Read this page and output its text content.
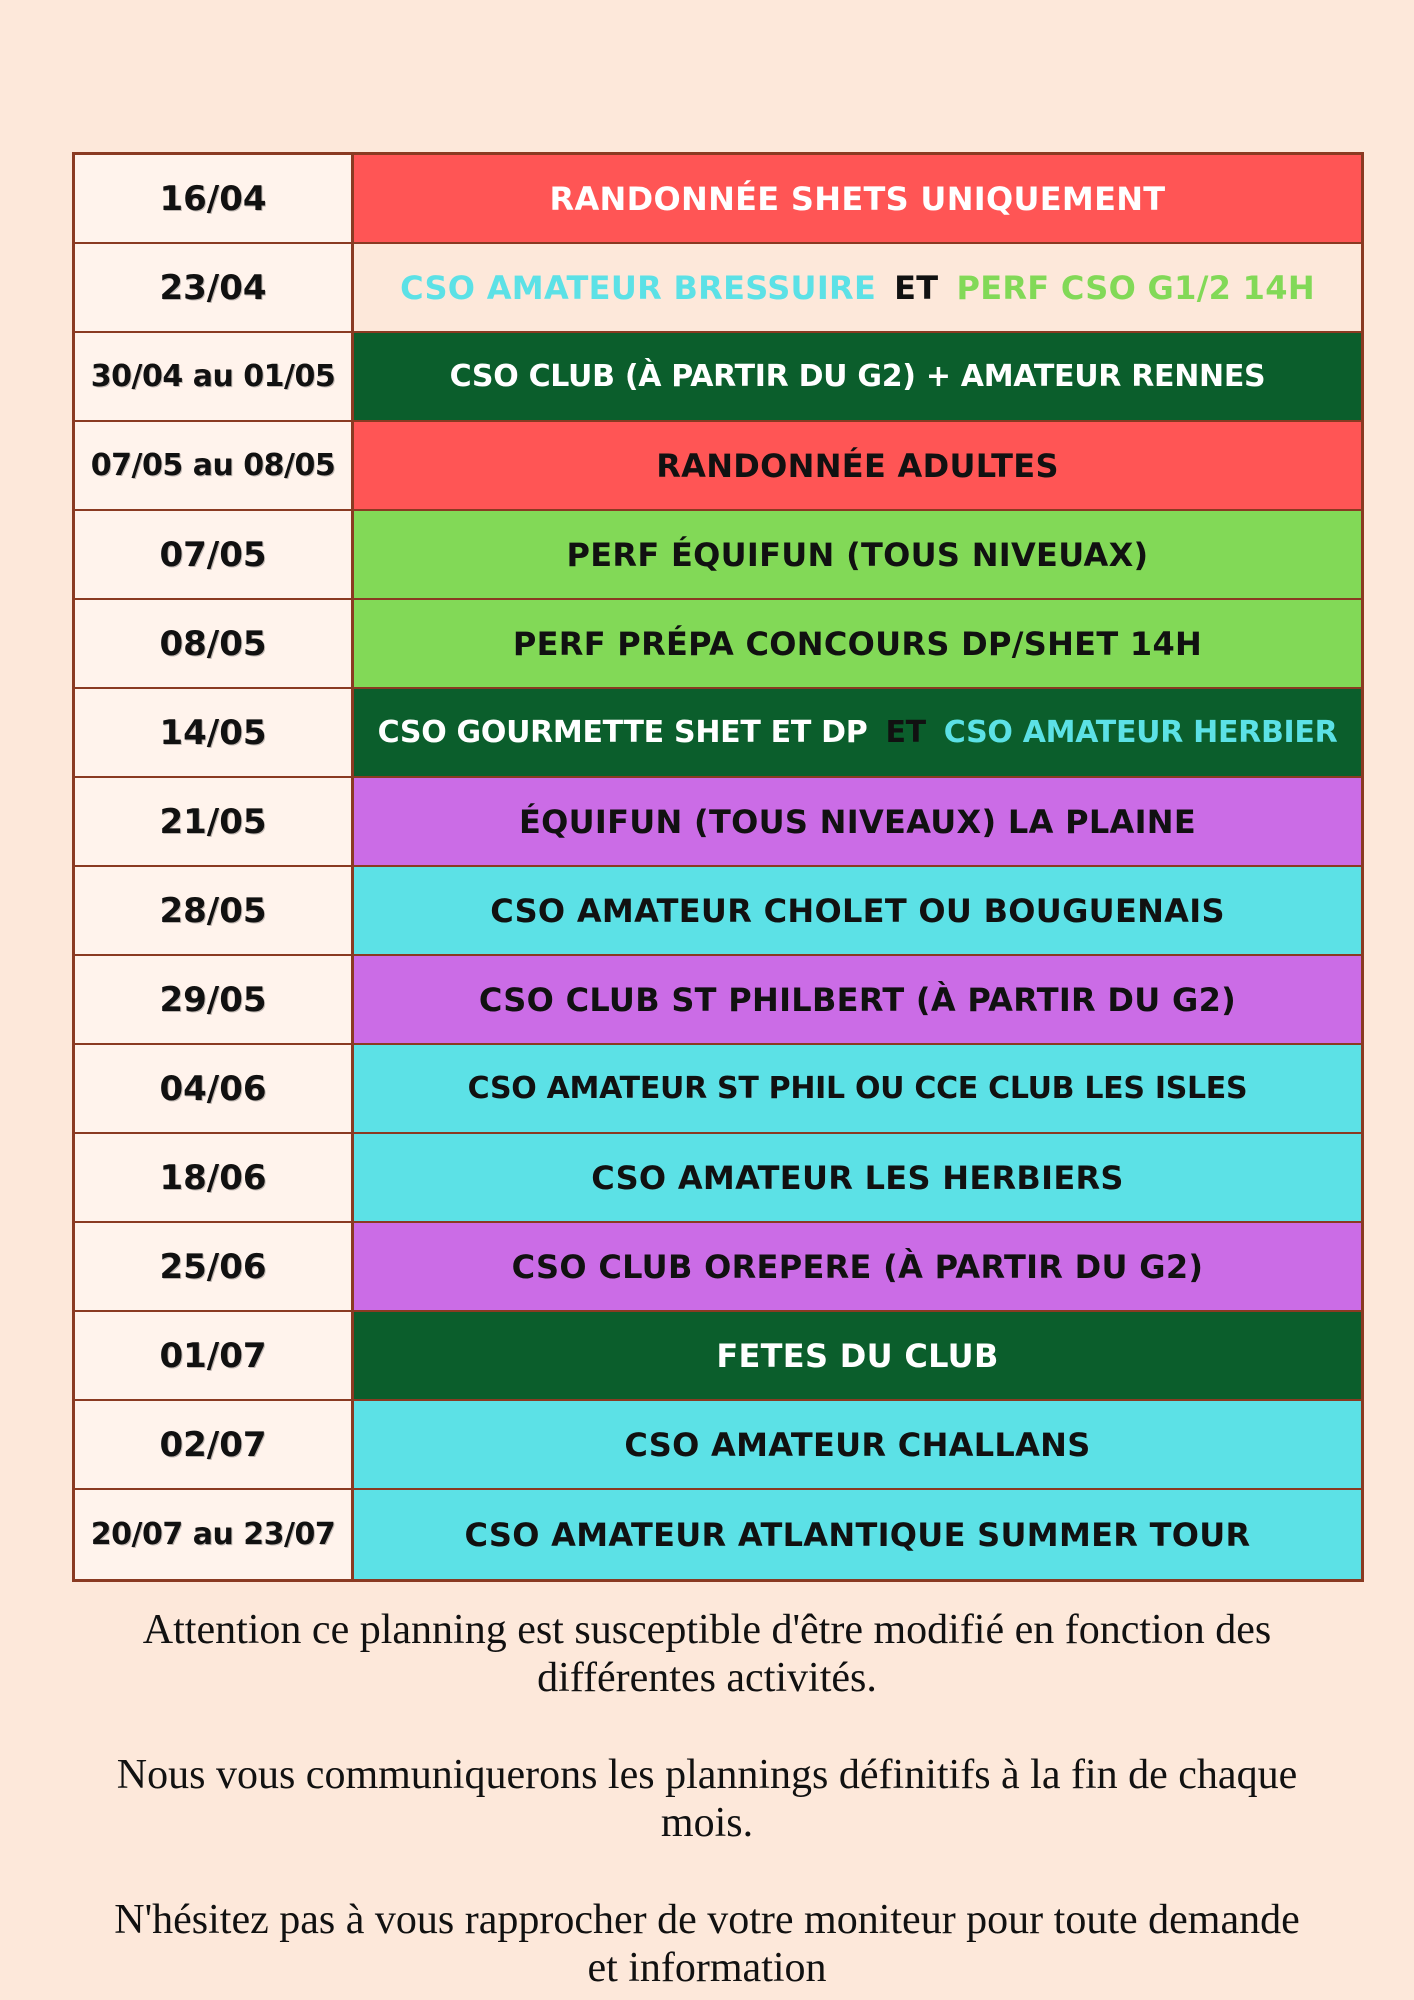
16/04	RANDONNÉE SHETS UNIQUEMENT
23/04	CSO AMATEUR BRESSUIRE ET PERF CSO G1/2 14H
30/04 au 01/05	CSO CLUB (À PARTIR DU G2) + AMATEUR RENNES
07/05 au 08/05	RANDONNÉE ADULTES
07/05	PERF ÉQUIFUN (TOUS NIVEUAX)
08/05	PERF PRÉPA CONCOURS DP/SHET 14H
14/05	CSO GOURMETTE SHET ET DP ET CSO AMATEUR HERBIER
21/05	ÉQUIFUN (TOUS NIVEAUX) LA PLAINE
28/05	CSO AMATEUR CHOLET OU BOUGUENAIS
29/05	CSO CLUB ST PHILBERT (À PARTIR DU G2)
04/06	CSO AMATEUR ST PHIL OU CCE CLUB LES ISLES
18/06	CSO AMATEUR LES HERBIERS
25/06	CSO CLUB OREPERE (À PARTIR DU G2)
01/07	FETES DU CLUB
02/07	CSO AMATEUR CHALLANS
20/07 au 23/07	CSO AMATEUR ATLANTIQUE SUMMER TOUR
Attention ce planning est susceptible d'être modifié en fonction des
différentes activités.
Nous vous communiquerons les plannings définitifs à la fin de chaque
mois.
N'hésitez pas à vous rapprocher de votre moniteur pour toute demande
et information
